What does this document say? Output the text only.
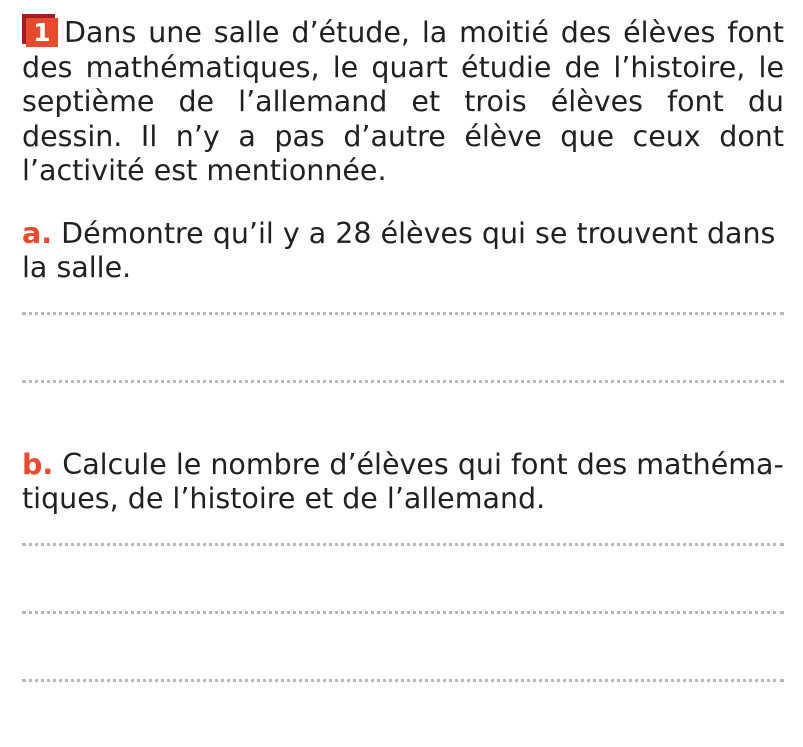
1 Dans une salle d’étude, la moitié des élèves font des mathématiques, le quart étudie de l’histoire, le septième de l’allemand et trois élèves font du dessin. Il n’y a pas d’autre élève que ceux dont l’activité est mentionnée.

a. Démontre qu’il y a 28 élèves qui se trouvent dans la salle.

b. Calcule le nombre d’élèves qui font des mathématiques, de l’histoire et de l’allemand.
